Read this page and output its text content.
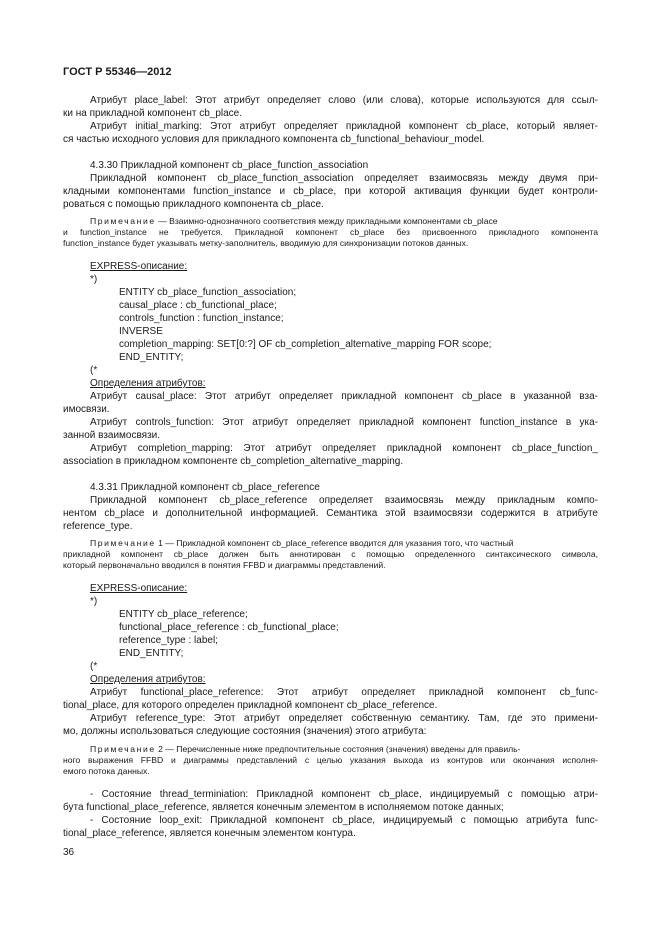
ГОСТ Р 55346—2012

Атрибут place_label: Этот атрибут определяет слово (или слова), которые используются для ссыл-

ки на прикладной компонент cb_place.

Атрибут initial_marking: Этот атрибут определяет прикладной компонент cb_place, который являет-

ся частью исходного условия для прикладного компонента cb_functional_behaviour_model.

4.3.30 Прикладной компонент cb_place_function_association

Прикладной компонент cb_place_function_association определяет взаимосвязь между двумя при-

кладными компонентами function_instance и cb_place, при которой активация функции будет контроли-

роваться с помощью прикладного компонента cb_place.

Примечание — Взаимно-однозначного соответствия между прикладными компонентами cb_place

и function_instance не требуется. Прикладной компонент cb_place без присвоенного прикладного компонента

function_instance будет указывать метку-заполнитель, вводимую для синхронизации потоков данных.

EXPRESS-описание:

*)

ENTITY cb_place_function_association;

causal_place : cb_functional_place;

controls_function : function_instance;

INVERSE

completion_mapping: SET[0:?] OF cb_completion_alternative_mapping FOR scope;

END_ENTITY;

(*

Определения атрибутов:

Атрибут causal_place: Этот атрибут определяет прикладной компонент cb_place в указанной вза-

имосвязи.

Атрибут controls_function: Этот атрибут определяет прикладной компонент function_instance в ука-

занной взаимосвязи.

Атрибут completion_mapping: Этот атрибут определяет прикладной компонент cb_place_function_

association в прикладном компоненте cb_completion_alternative_mapping.

4.3.31 Прикладной компонент cb_place_reference

Прикладной компонент cb_place_reference определяет взаимосвязь между прикладным компо-

нентом cb_place и дополнительной информацией. Семантика этой взаимосвязи содержится в атрибуте

reference_type.

Примечание 1 — Прикладной компонент cb_place_reference вводится для указания того, что частный

прикладной компонент cb_place должен быть аннотирован с помощью определенного синтаксического символа,

который первоначально вводился в понятия FFBD и диаграммы представлений.

EXPRESS-описание:

*)

ENTITY cb_place_reference;

functional_place_reference : cb_functional_place;

reference_type : label;

END_ENTITY;

(*

Определения атрибутов:

Атрибут functional_place_reference: Этот атрибут определяет прикладной компонент cb_func-

tional_place, для которого определен прикладной компонент cb_place_reference.

Атрибут reference_type: Этот атрибут определяет собственную семантику. Там, где это примени-

мо, должны использоваться следующие состояния (значения) этого атрибута:

Примечание 2 — Перечисленные ниже предпочтительные состояния (значения) введены для правиль-

ного выражения FFBD и диаграммы представлений с целью указания выхода из контуров или окончания исполня-

емого потока данных.

- Состояние thread_terminiation: Прикладной компонент cb_place, индицируемый с помощью атри-

бута functional_place_reference, является конечным элементом в исполняемом потоке данных;

- Состояние loop_exit: Прикладной компонент cb_place, индицируемый с помощью атрибута func-

tional_place_reference, является конечным элементом контура.

36
